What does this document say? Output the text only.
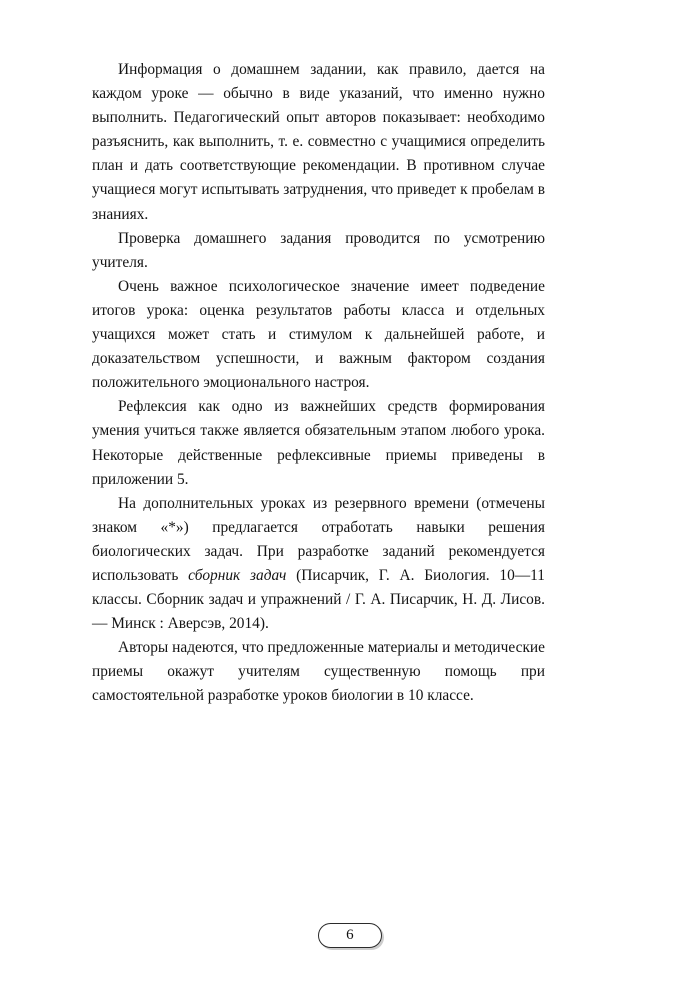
Информация о домашнем задании, как правило, дается на каждом уроке — обычно в виде указаний, что именно нужно выполнить. Педагогический опыт авторов показывает: необходимо разъяснить, как выполнить, т. е. совместно с учащимися определить план и дать соответствующие рекомендации. В противном случае учащиеся могут испытывать затруднения, что приведет к пробелам в знаниях.

Проверка домашнего задания проводится по усмотрению учителя.

Очень важное психологическое значение имеет подведение итогов урока: оценка результатов работы класса и отдельных учащихся может стать и стимулом к дальнейшей работе, и доказательством успешности, и важным фактором создания положительного эмоционального настроя.

Рефлексия как одно из важнейших средств формирования умения учиться также является обязательным этапом любого урока. Некоторые действенные рефлексивные приемы приведены в приложении 5.

На дополнительных уроках из резервного времени (отмечены знаком «*») предлагается отработать навыки решения биологических задач. При разработке заданий рекомендуется использовать сборник задач (Писарчик, Г. А. Биология. 10—11 классы. Сборник задач и упражнений / Г. А. Писарчик, Н. Д. Лисов. — Минск : Аверсэв, 2014).

Авторы надеются, что предложенные материалы и методические приемы окажут учителям существенную помощь при самостоятельной разработке уроков биологии в 10 классе.

6
